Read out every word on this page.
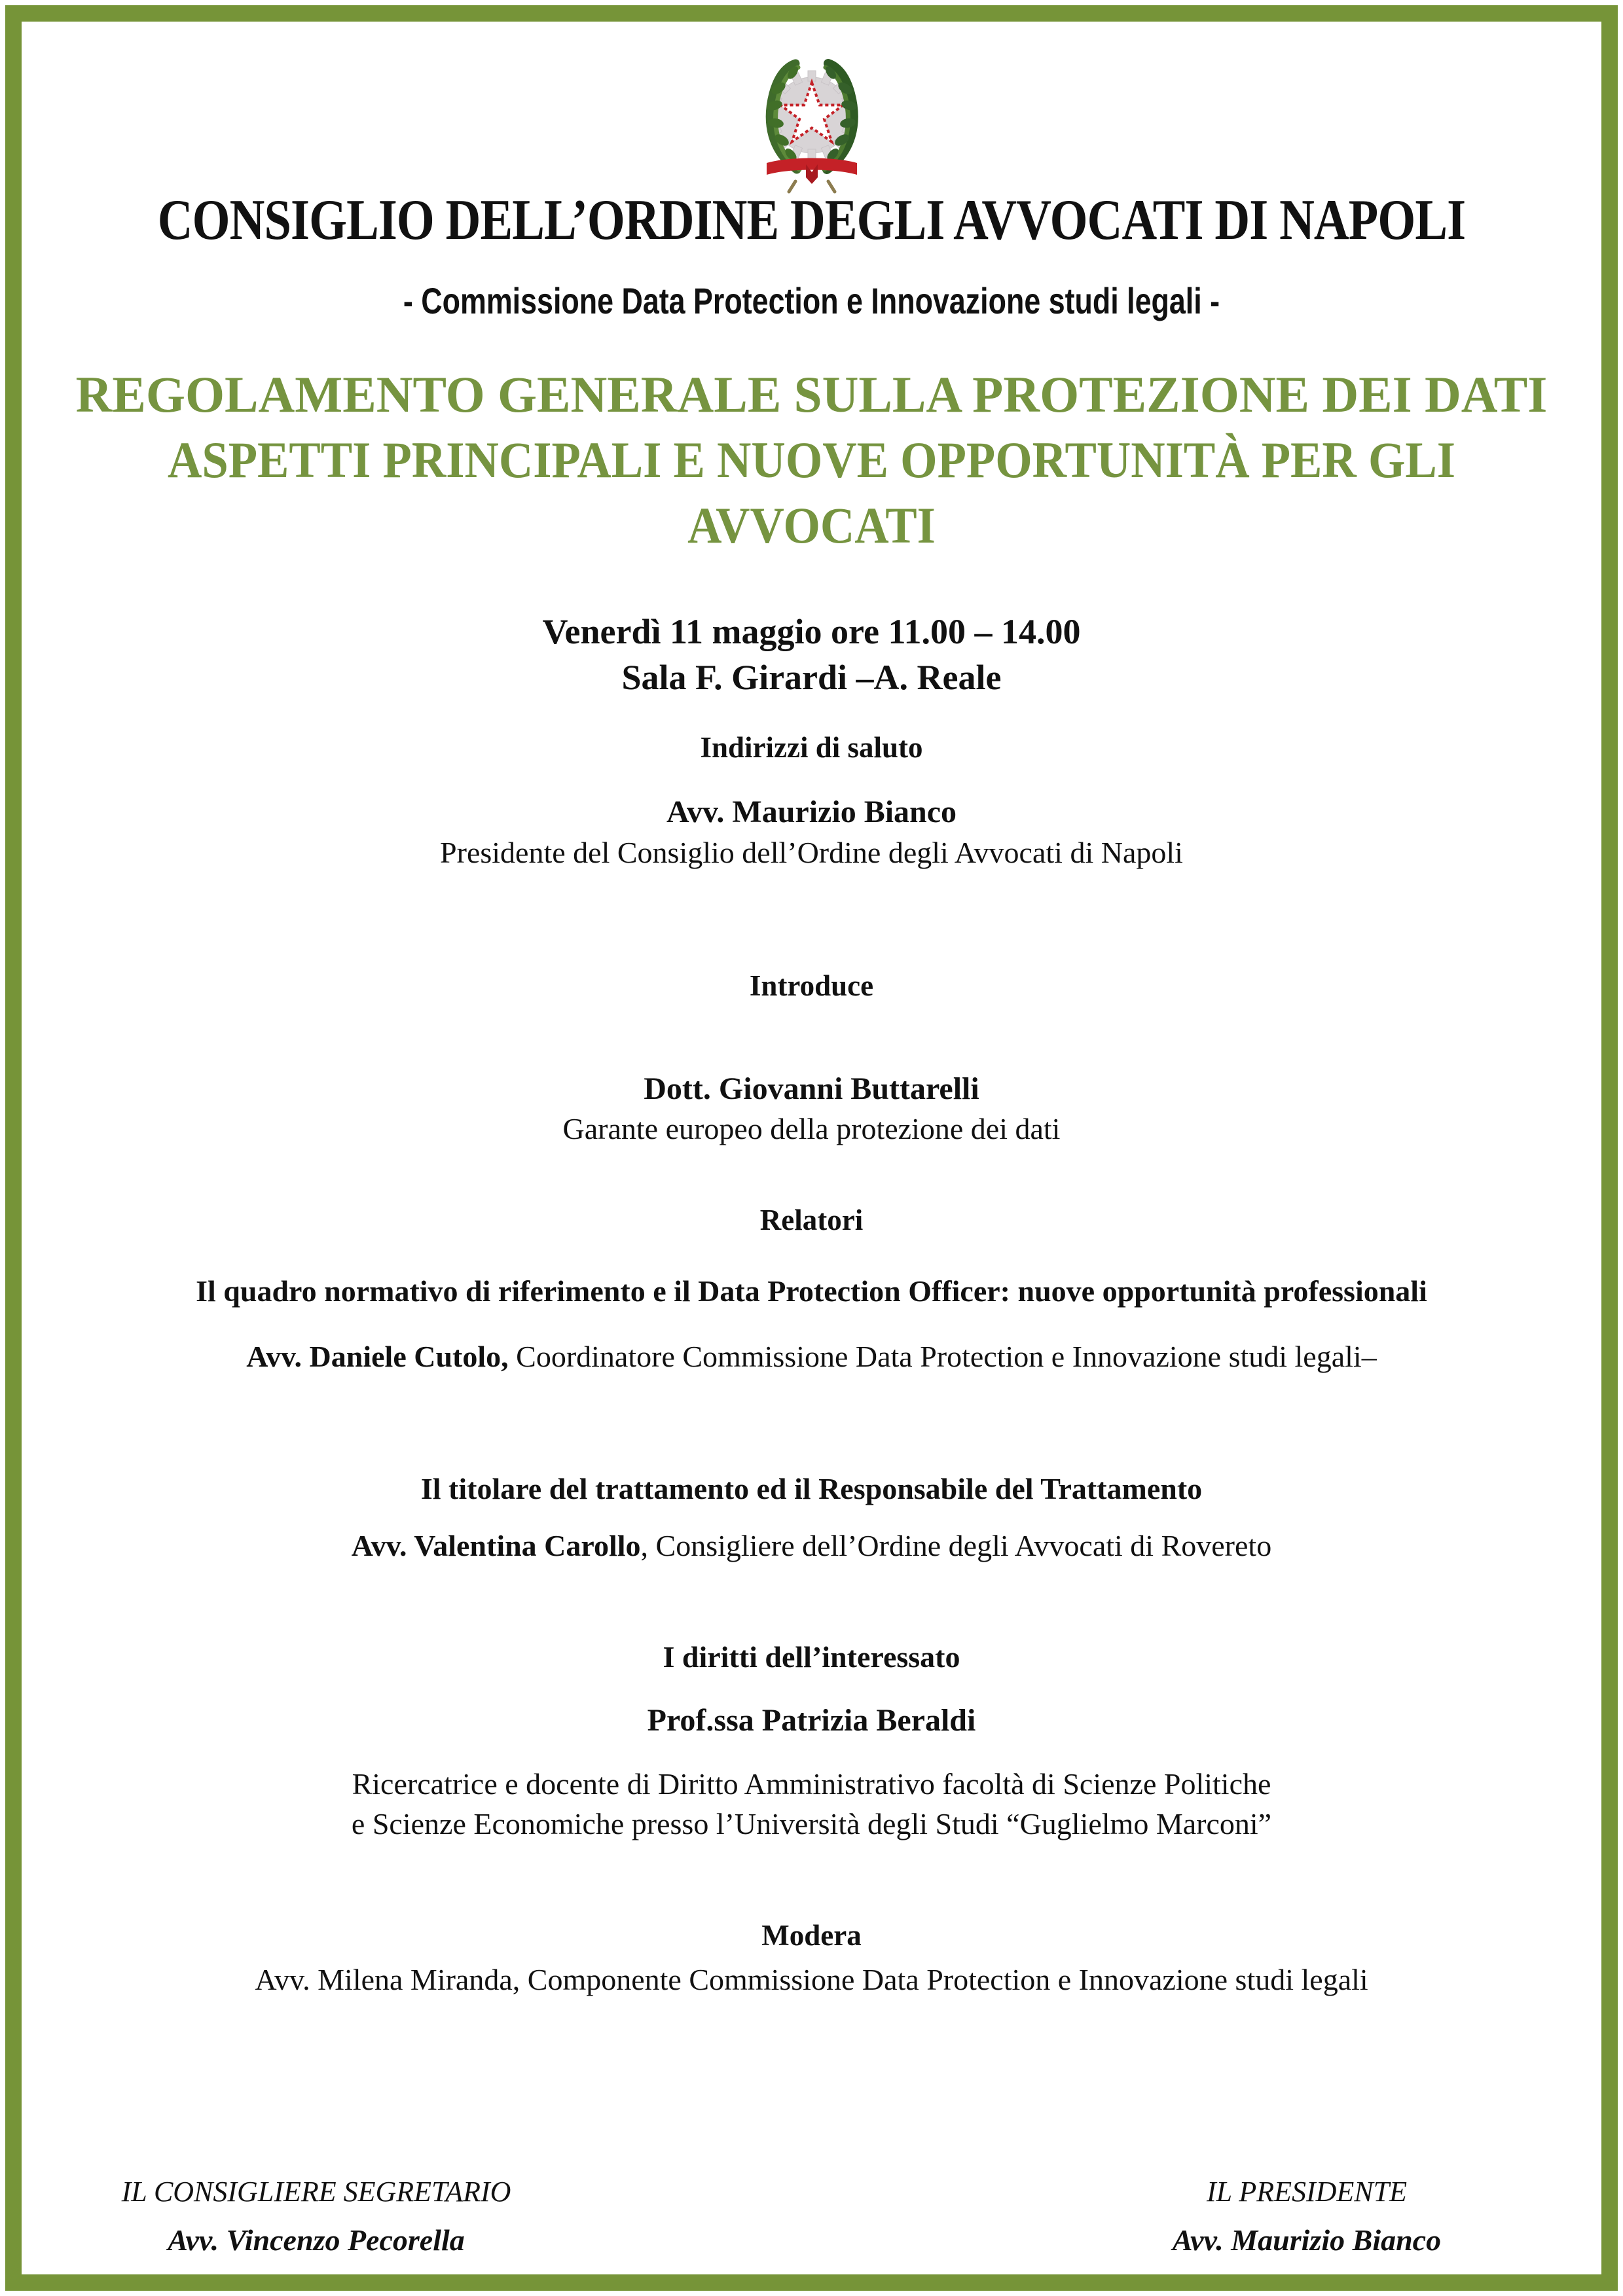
CONSIGLIO DELL’ORDINE DEGLI AVVOCATI DI NAPOLI
- Commissione Data Protection e Innovazione studi legali -
REGOLAMENTO GENERALE SULLA PROTEZIONE DEI DATI
ASPETTI PRINCIPALI E NUOVE OPPORTUNITÀ PER GLI
AVVOCATI
Venerdì 11 maggio ore 11.00 – 14.00
Sala F. Girardi –A. Reale
Indirizzi di saluto
Avv. Maurizio Bianco
Presidente del Consiglio dell’Ordine degli Avvocati di Napoli
Introduce
Dott. Giovanni Buttarelli
Garante europeo della protezione dei dati
Relatori
Il quadro normativo di riferimento e il Data Protection Officer: nuove opportunità professionali
Avv. Daniele Cutolo, Coordinatore Commissione Data Protection e Innovazione studi legali–
Il titolare del trattamento ed il Responsabile del Trattamento
Avv. Valentina Carollo, Consigliere dell’Ordine degli Avvocati di Rovereto
I diritti dell’interessato
Prof.ssa Patrizia Beraldi
Ricercatrice e docente di Diritto Amministrativo facoltà di Scienze Politiche
e Scienze Economiche presso l’Università degli Studi “Guglielmo Marconi”
Modera
Avv. Milena Miranda, Componente Commissione Data Protection e Innovazione studi legali
IL CONSIGLIERE SEGRETARIO
Avv. Vincenzo Pecorella
IL PRESIDENTE
Avv. Maurizio Bianco
